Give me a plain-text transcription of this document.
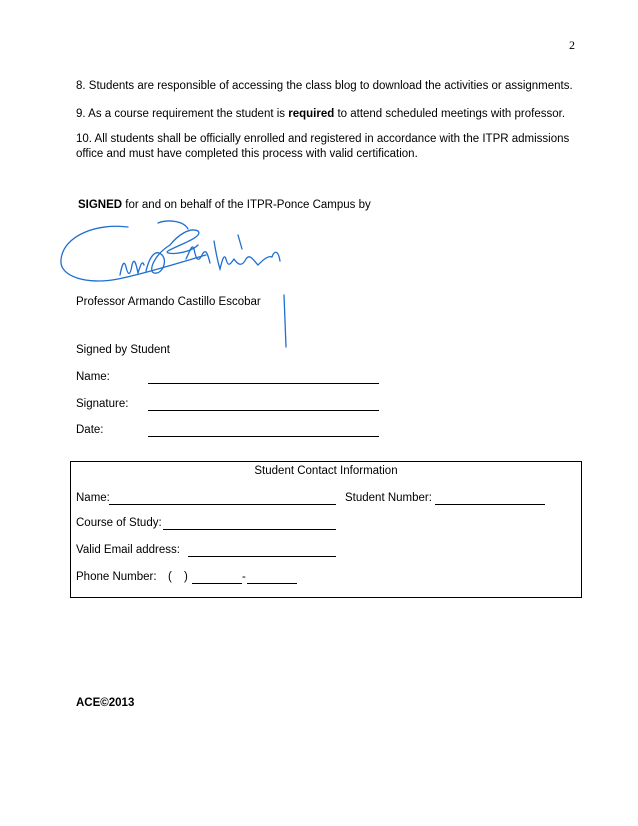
2
8. Students are responsible of accessing the class blog to download the activities or assignments.
9. As a course requirement the student is required to attend scheduled meetings with professor.
10. All students shall be officially enrolled and registered in accordance with the ITPR admissions
office and must have completed this process with valid certification.
SIGNED for and on behalf of the ITPR-Ponce Campus by
Professor Armando Castillo Escobar
Signed by Student
Name:
Signature:
Date:
Student Contact Information
Name:	Student Number:
Course of Study:
Valid Email address:
Phone Number: ( )	-
ACE©2013
